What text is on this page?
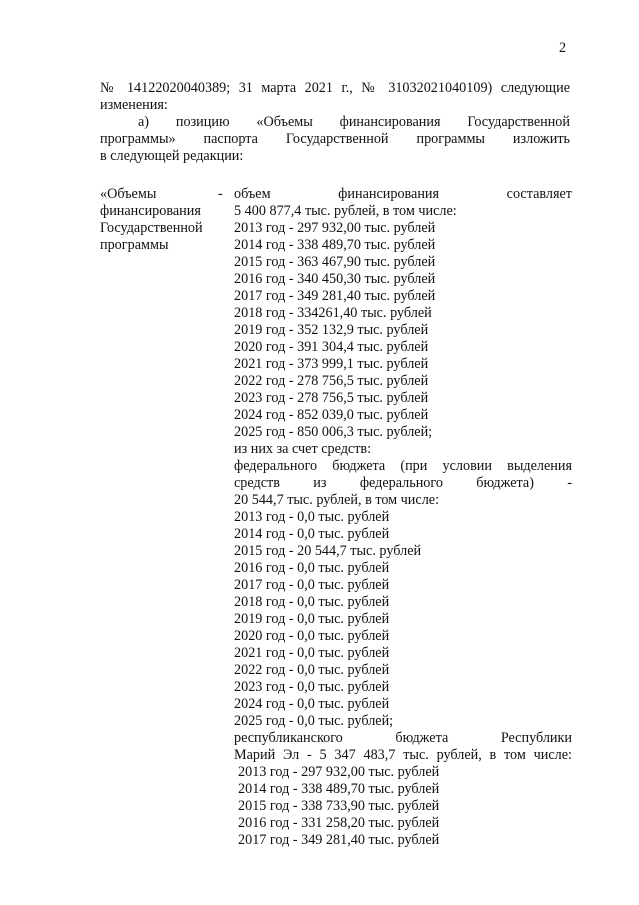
2
№ 14122020040389; 31 марта 2021 г., № 31032021040109) следующие
изменения:
а) позицию «Объемы финансирования Государственной
программы» паспорта Государственной программы изложить
в следующей редакции:
«Объемы
финансирования
Государственной
программы
- объем финансирования составляет
5 400 877,4 тыс. рублей, в том числе:
2013 год - 297 932,00 тыс. рублей
2014 год - 338 489,70 тыс. рублей
2015 год - 363 467,90 тыс. рублей
2016 год - 340 450,30 тыс. рублей
2017 год - 349 281,40 тыс. рублей
2018 год - 334261,40 тыс. рублей
2019 год - 352 132,9 тыс. рублей
2020 год - 391 304,4 тыс. рублей
2021 год - 373 999,1 тыс. рублей
2022 год - 278 756,5 тыс. рублей
2023 год - 278 756,5 тыс. рублей
2024 год - 852 039,0 тыс. рублей
2025 год - 850 006,3 тыс. рублей;
из них за счет средств:
федерального бюджета (при условии выделения
средств из федерального бюджета) -
20 544,7 тыс. рублей, в том числе:
2013 год - 0,0 тыс. рублей
2014 год - 0,0 тыс. рублей
2015 год - 20 544,7 тыс. рублей
2016 год - 0,0 тыс. рублей
2017 год - 0,0 тыс. рублей
2018 год - 0,0 тыс. рублей
2019 год - 0,0 тыс. рублей
2020 год - 0,0 тыс. рублей
2021 год - 0,0 тыс. рублей
2022 год - 0,0 тыс. рублей
2023 год - 0,0 тыс. рублей
2024 год - 0,0 тыс. рублей
2025 год - 0,0 тыс. рублей;
республиканского бюджета Республики
Марий Эл - 5 347 483,7 тыс. рублей, в том числе:
2013 год - 297 932,00 тыс. рублей
2014 год - 338 489,70 тыс. рублей
2015 год - 338 733,90 тыс. рублей
2016 год - 331 258,20 тыс. рублей
2017 год - 349 281,40 тыс. рублей
